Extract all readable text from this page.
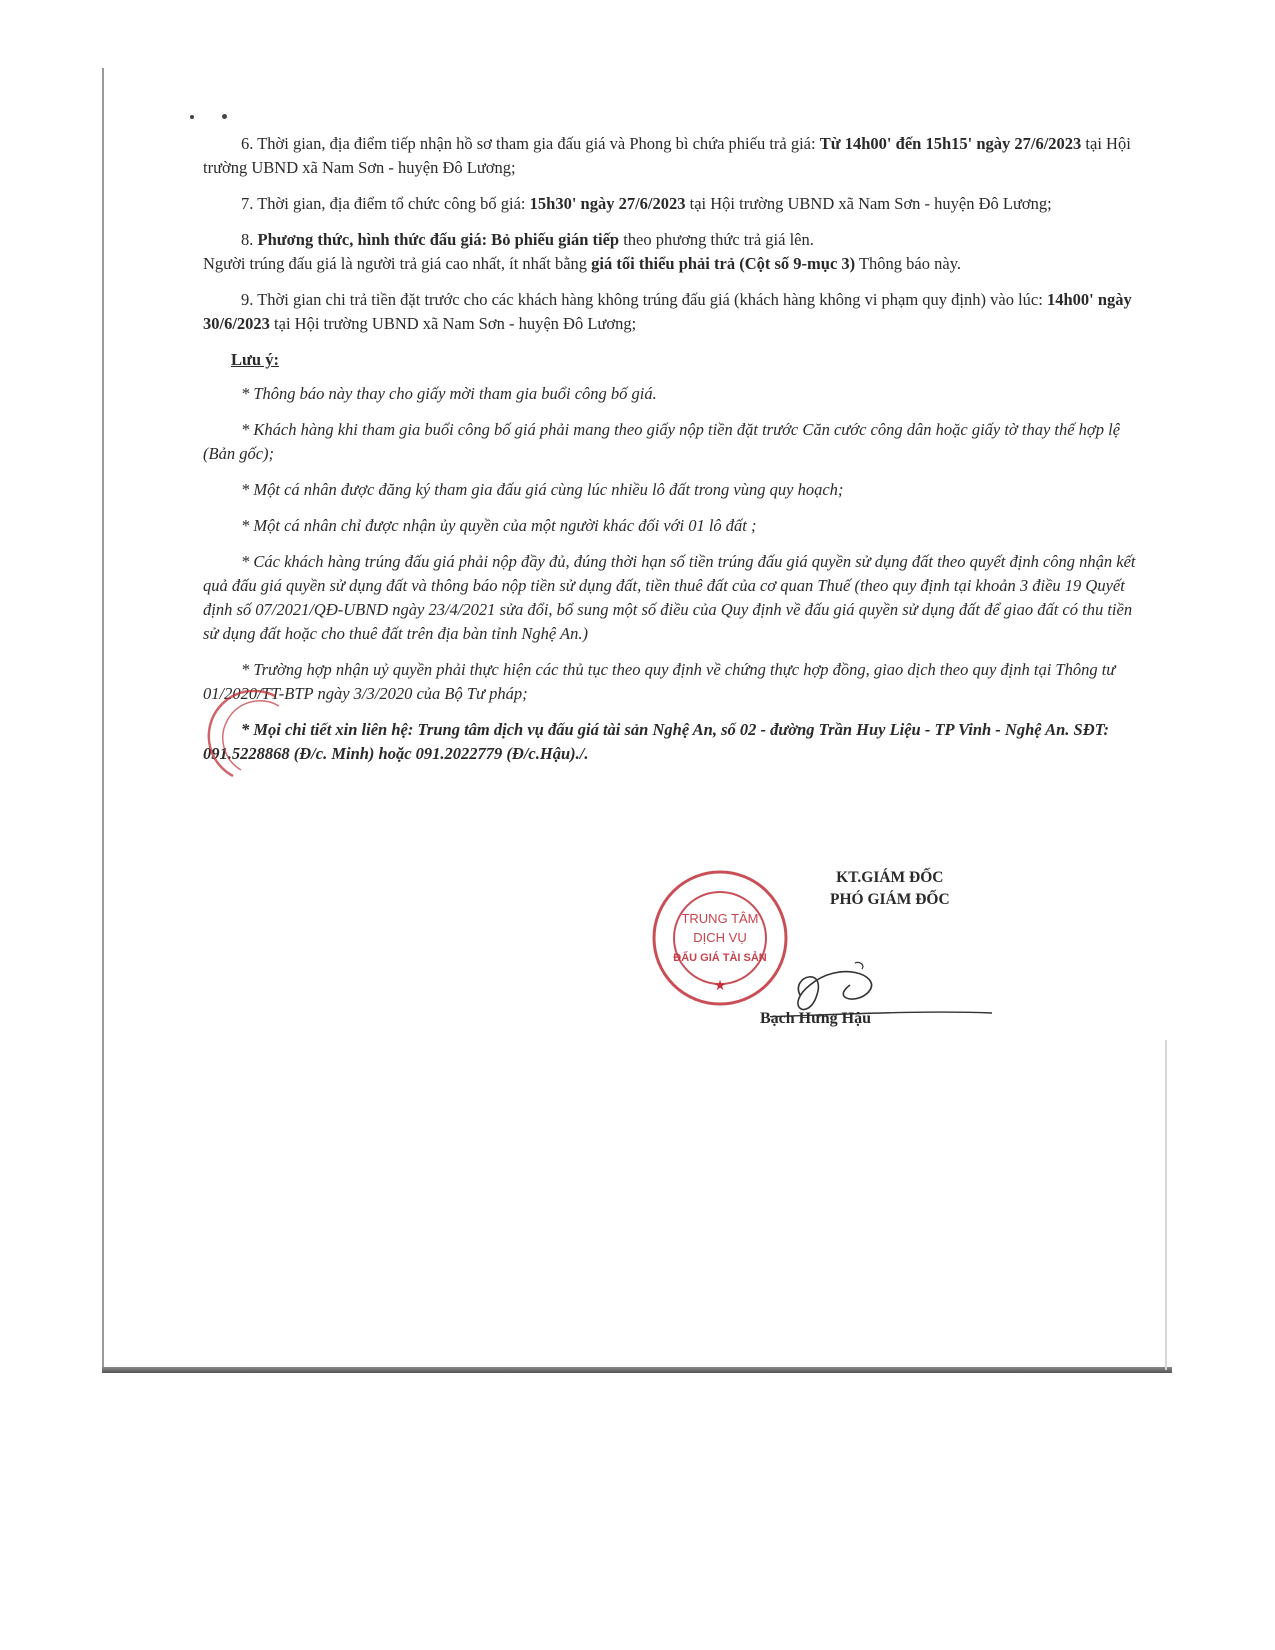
6. Thời gian, địa điểm tiếp nhận hồ sơ tham gia đấu giá và Phong bì chứa phiếu trả giá: Từ 14h00' đến 15h15' ngày 27/6/2023 tại Hội trường UBND xã Nam Sơn - huyện Đô Lương;

7. Thời gian, địa điểm tổ chức công bố giá: 15h30' ngày 27/6/2023 tại Hội trường UBND xã Nam Sơn - huyện Đô Lương;

8. Phương thức, hình thức đấu giá: Bỏ phiếu gián tiếp theo phương thức trả giá lên.

Người trúng đấu giá là người trả giá cao nhất, ít nhất bằng giá tối thiểu phải trả (Cột số 9-mục 3) Thông báo này.

9. Thời gian chi trả tiền đặt trước cho các khách hàng không trúng đấu giá (khách hàng không vi phạm quy định) vào lúc: 14h00' ngày 30/6/2023 tại Hội trường UBND xã Nam Sơn - huyện Đô Lương;

Lưu ý:

* Thông báo này thay cho giấy mời tham gia buổi công bố giá.

* Khách hàng khi tham gia buổi công bố giá phải mang theo giấy nộp tiền đặt trước Căn cước công dân hoặc giấy tờ thay thế hợp lệ (Bản gốc);

* Một cá nhân được đăng ký tham gia đấu giá cùng lúc nhiều lô đất trong vùng quy hoạch;

* Một cá nhân chỉ được nhận ủy quyền của một người khác đối với 01 lô đất ;

* Các khách hàng trúng đấu giá phải nộp đầy đủ, đúng thời hạn số tiền trúng đấu giá quyền sử dụng đất theo quyết định công nhận kết quả đấu giá quyền sử dụng đất và thông báo nộp tiền sử dụng đất, tiền thuê đất của cơ quan Thuế (theo quy định tại khoản 3 điều 19 Quyết định số 07/2021/QĐ-UBND ngày 23/4/2021 sửa đổi, bổ sung một số điều của Quy định về đấu giá quyền sử dụng đất để giao đất có thu tiền sử dụng đất hoặc cho thuê đất trên địa bàn tỉnh Nghệ An.)

* Trường hợp nhận uỷ quyền phải thực hiện các thủ tục theo quy định về chứng thực hợp đồng, giao dịch theo quy định tại Thông tư 01/2020/TT-BTP ngày 3/3/2020 của Bộ Tư pháp;

* Mọi chi tiết xin liên hệ: Trung tâm dịch vụ đấu giá tài sản Nghệ An, số 02 - đường Trần Huy Liệu - TP Vinh - Nghệ An. SĐT: 091.5228868 (Đ/c. Minh) hoặc 091.2022779 (Đ/c.Hậu)./.

TRUNG TÂM
DỊCH VỤ
ĐẤU GIÁ TÀI SẢN
★
KT.GIÁM ĐỐC
PHÓ GIÁM ĐỐC
Bạch Hưng Hậu
